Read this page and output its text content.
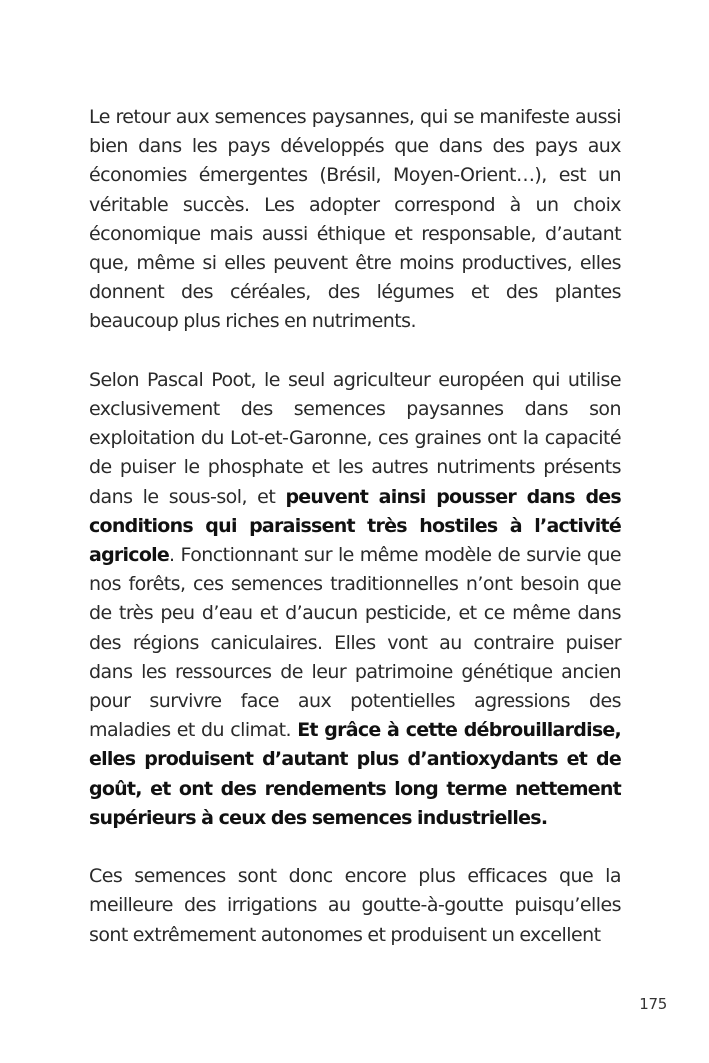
Le retour aux semences paysannes, qui se manifeste aussi bien dans les pays développés que dans des pays aux économies émergentes (Brésil, Moyen-Orient…), est un véritable succès. Les adopter correspond à un choix économique mais aussi éthique et responsable, d’autant que, même si elles peuvent être moins productives, elles donnent des céréales, des légumes et des plantes beaucoup plus riches en nutriments.

Selon Pascal Poot, le seul agriculteur européen qui utilise exclusivement des semences paysannes dans son exploitation du Lot-et-Garonne, ces graines ont la capacité de puiser le phosphate et les autres nutriments présents dans le sous-sol, et peuvent ainsi pousser dans des conditions qui paraissent très hostiles à l’activité agricole. Fonctionnant sur le même modèle de survie que nos forêts, ces semences traditionnelles n’ont besoin que de très peu d’eau et d’aucun pesticide, et ce même dans des régions caniculaires. Elles vont au contraire puiser dans les ressources de leur patrimoine génétique ancien pour survivre face aux potentielles agressions des maladies et du climat. Et grâce à cette débrouillardise, elles produisent d’autant plus d’antioxydants et de goût, et ont des rendements long terme nettement supérieurs à ceux des semences industrielles.

Ces semences sont donc encore plus efficaces que la meilleure des irrigations au goutte-à-goutte puisqu’elles sont extrêmement autonomes et produisent un excellent

175
